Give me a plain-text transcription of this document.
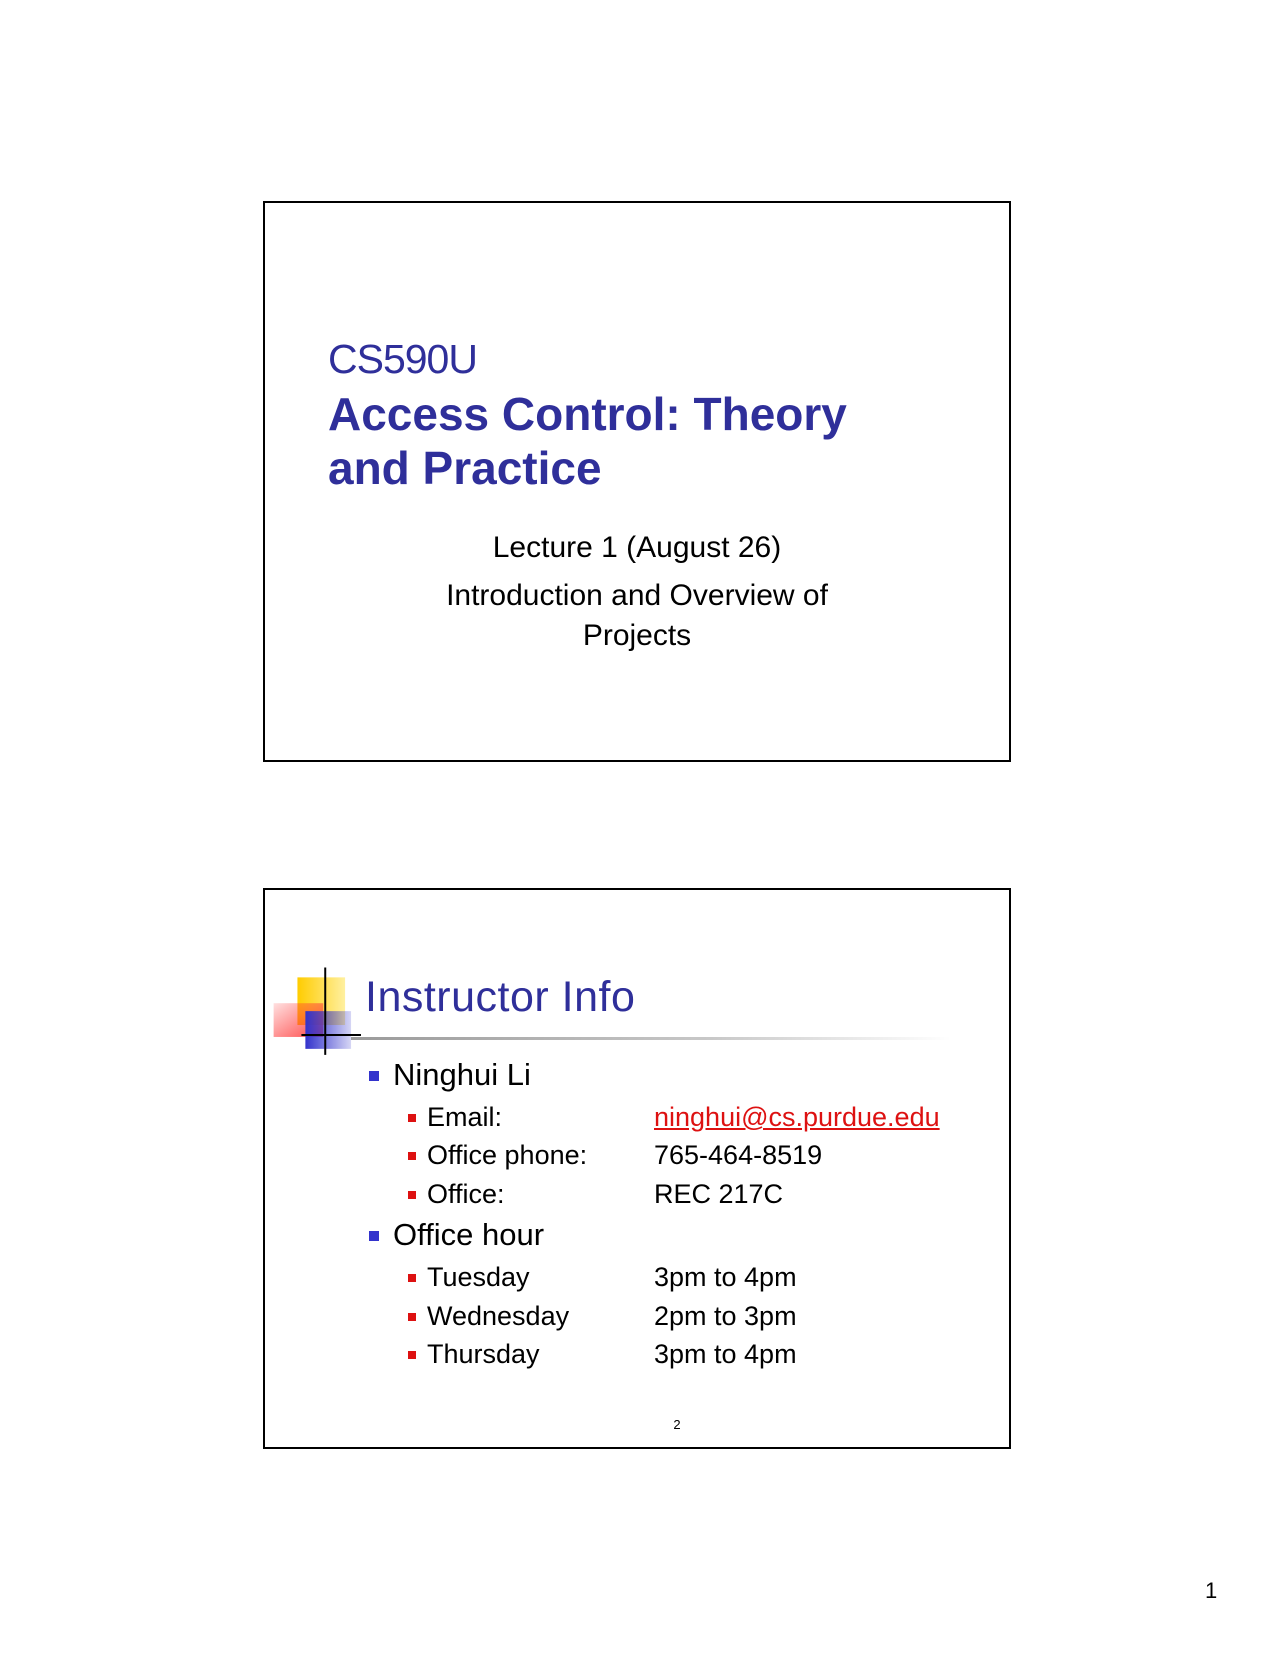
CS590U
Access Control: Theory
and Practice
Lecture 1 (August 26)
Introduction and Overview of
Projects
Instructor Info
Ninghui Li
Email:	ninghui@cs.purdue.edu
Office phone: 765-464-8519
Office:	REC 217C
Office hour
Tuesday	3pm to 4pm
Wednesday	2pm to 3pm
Thursday	3pm to 4pm
2
1
